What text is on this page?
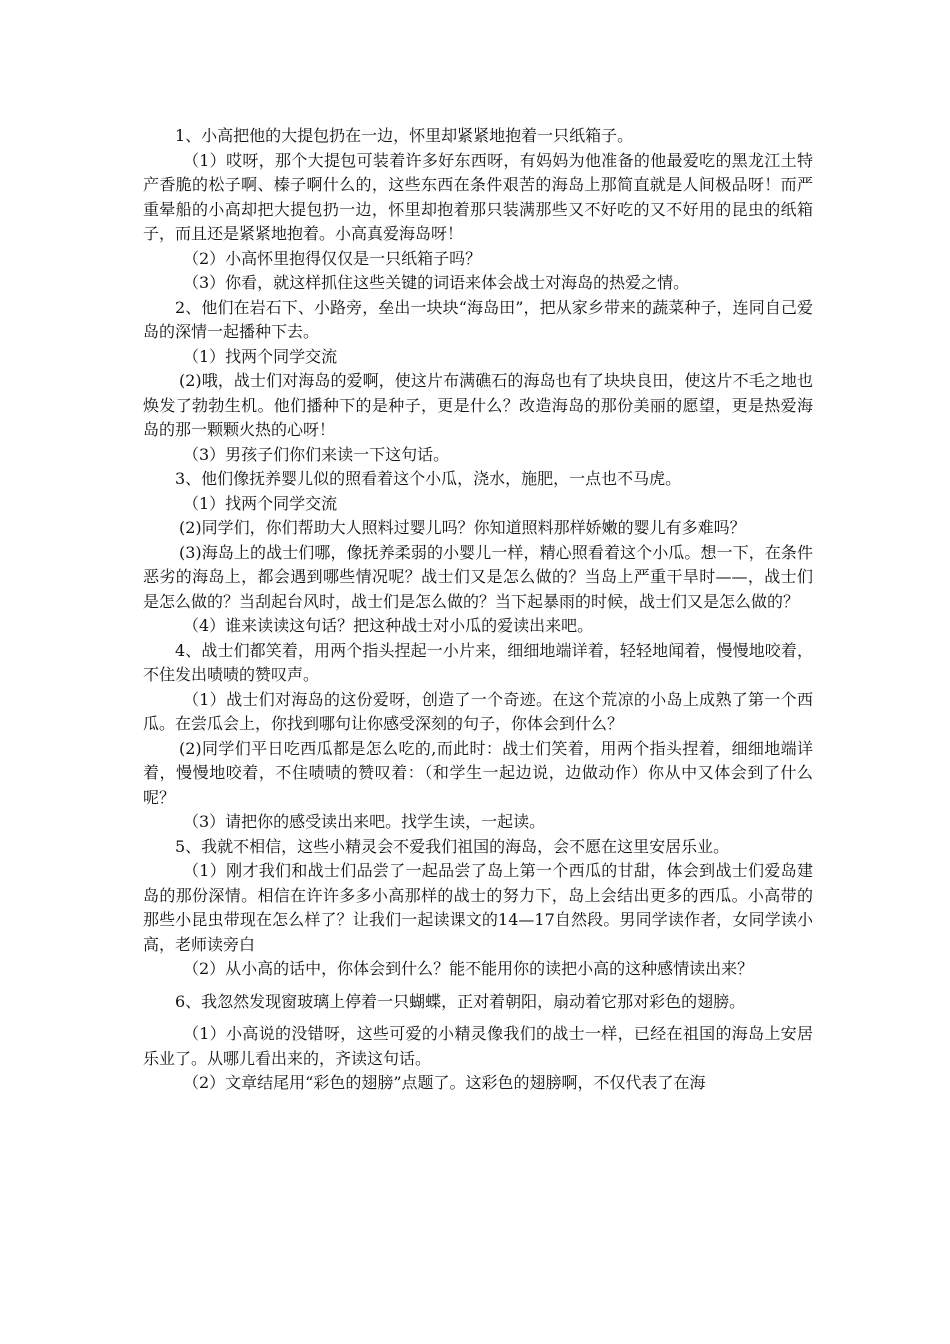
1、小高把他的大提包扔在一边，怀里却紧紧地抱着一只纸箱子。

（1）哎呀，那个大提包可装着许多好东西呀，有妈妈为他准备的他最爱吃的黑龙江土特产香脆的松子啊、榛子啊什么的，这些东西在条件艰苦的海岛上那简直就是人间极品呀！而严重晕船的小高却把大提包扔一边，怀里却抱着那只装满那些又不好吃的又不好用的昆虫的纸箱子，而且还是紧紧地抱着。小高真爱海岛呀！

（2）小高怀里抱得仅仅是一只纸箱子吗？

（3）你看，就这样抓住这些关键的词语来体会战士对海岛的热爱之情。

2、他们在岩石下、小路旁，垒出一块块“海岛田”，把从家乡带来的蔬菜种子，连同自己爱岛的深情一起播种下去。

（1）找两个同学交流

(2)哦，战士们对海岛的爱啊，使这片布满礁石的海岛也有了块块良田，使这片不毛之地也焕发了勃勃生机。他们播种下的是种子，更是什么？改造海岛的那份美丽的愿望，更是热爱海岛的那一颗颗火热的心呀！

（3）男孩子们你们来读一下这句话。

3、他们像抚养婴儿似的照看着这个小瓜，浇水，施肥，一点也不马虎。

（1）找两个同学交流

(2)同学们，你们帮助大人照料过婴儿吗？你知道照料那样娇嫩的婴儿有多难吗？

(3)海岛上的战士们哪，像抚养柔弱的小婴儿一样，精心照看着这个小瓜。想一下，在条件恶劣的海岛上，都会遇到哪些情况呢？战士们又是怎么做的？当岛上严重干旱时——，战士们是怎么做的？当刮起台风时，战士们是怎么做的？当下起暴雨的时候，战士们又是怎么做的？

（4）谁来读读这句话？把这种战士对小瓜的爱读出来吧。

4、战士们都笑着，用两个指头捏起一小片来，细细地端详着，轻轻地闻着，慢慢地咬着，不住发出啧啧的赞叹声。

（1）战士们对海岛的这份爱呀，创造了一个奇迹。在这个荒凉的小岛上成熟了第一个西瓜。在尝瓜会上，你找到哪句让你感受深刻的句子，你体会到什么？

(2)同学们平日吃西瓜都是怎么吃的,而此时：战士们笑着，用两个指头捏着，细细地端详着，慢慢地咬着，不住啧啧的赞叹着：（和学生一起边说，边做动作）你从中又体会到了什么呢？

（3）请把你的感受读出来吧。找学生读，一起读。

5、我就不相信，这些小精灵会不爱我们祖国的海岛，会不愿在这里安居乐业。

（1）刚才我们和战士们品尝了一起品尝了岛上第一个西瓜的甘甜，体会到战士们爱岛建岛的那份深情。相信在许许多多小高那样的战士的努力下，岛上会结出更多的西瓜。小高带的那些小昆虫带现在怎么样了？让我们一起读课文的14—17自然段。男同学读作者，女同学读小高，老师读旁白

（2）从小高的话中，你体会到什么？能不能用你的读把小高的这种感情读出来？

6、我忽然发现窗玻璃上停着一只蝴蝶，正对着朝阳，扇动着它那对彩色的翅膀。

（1）小高说的没错呀，这些可爱的小精灵像我们的战士一样，已经在祖国的海岛上安居乐业了。从哪儿看出来的，齐读这句话。

（2）文章结尾用“彩色的翅膀”点题了。这彩色的翅膀啊，不仅代表了在海
